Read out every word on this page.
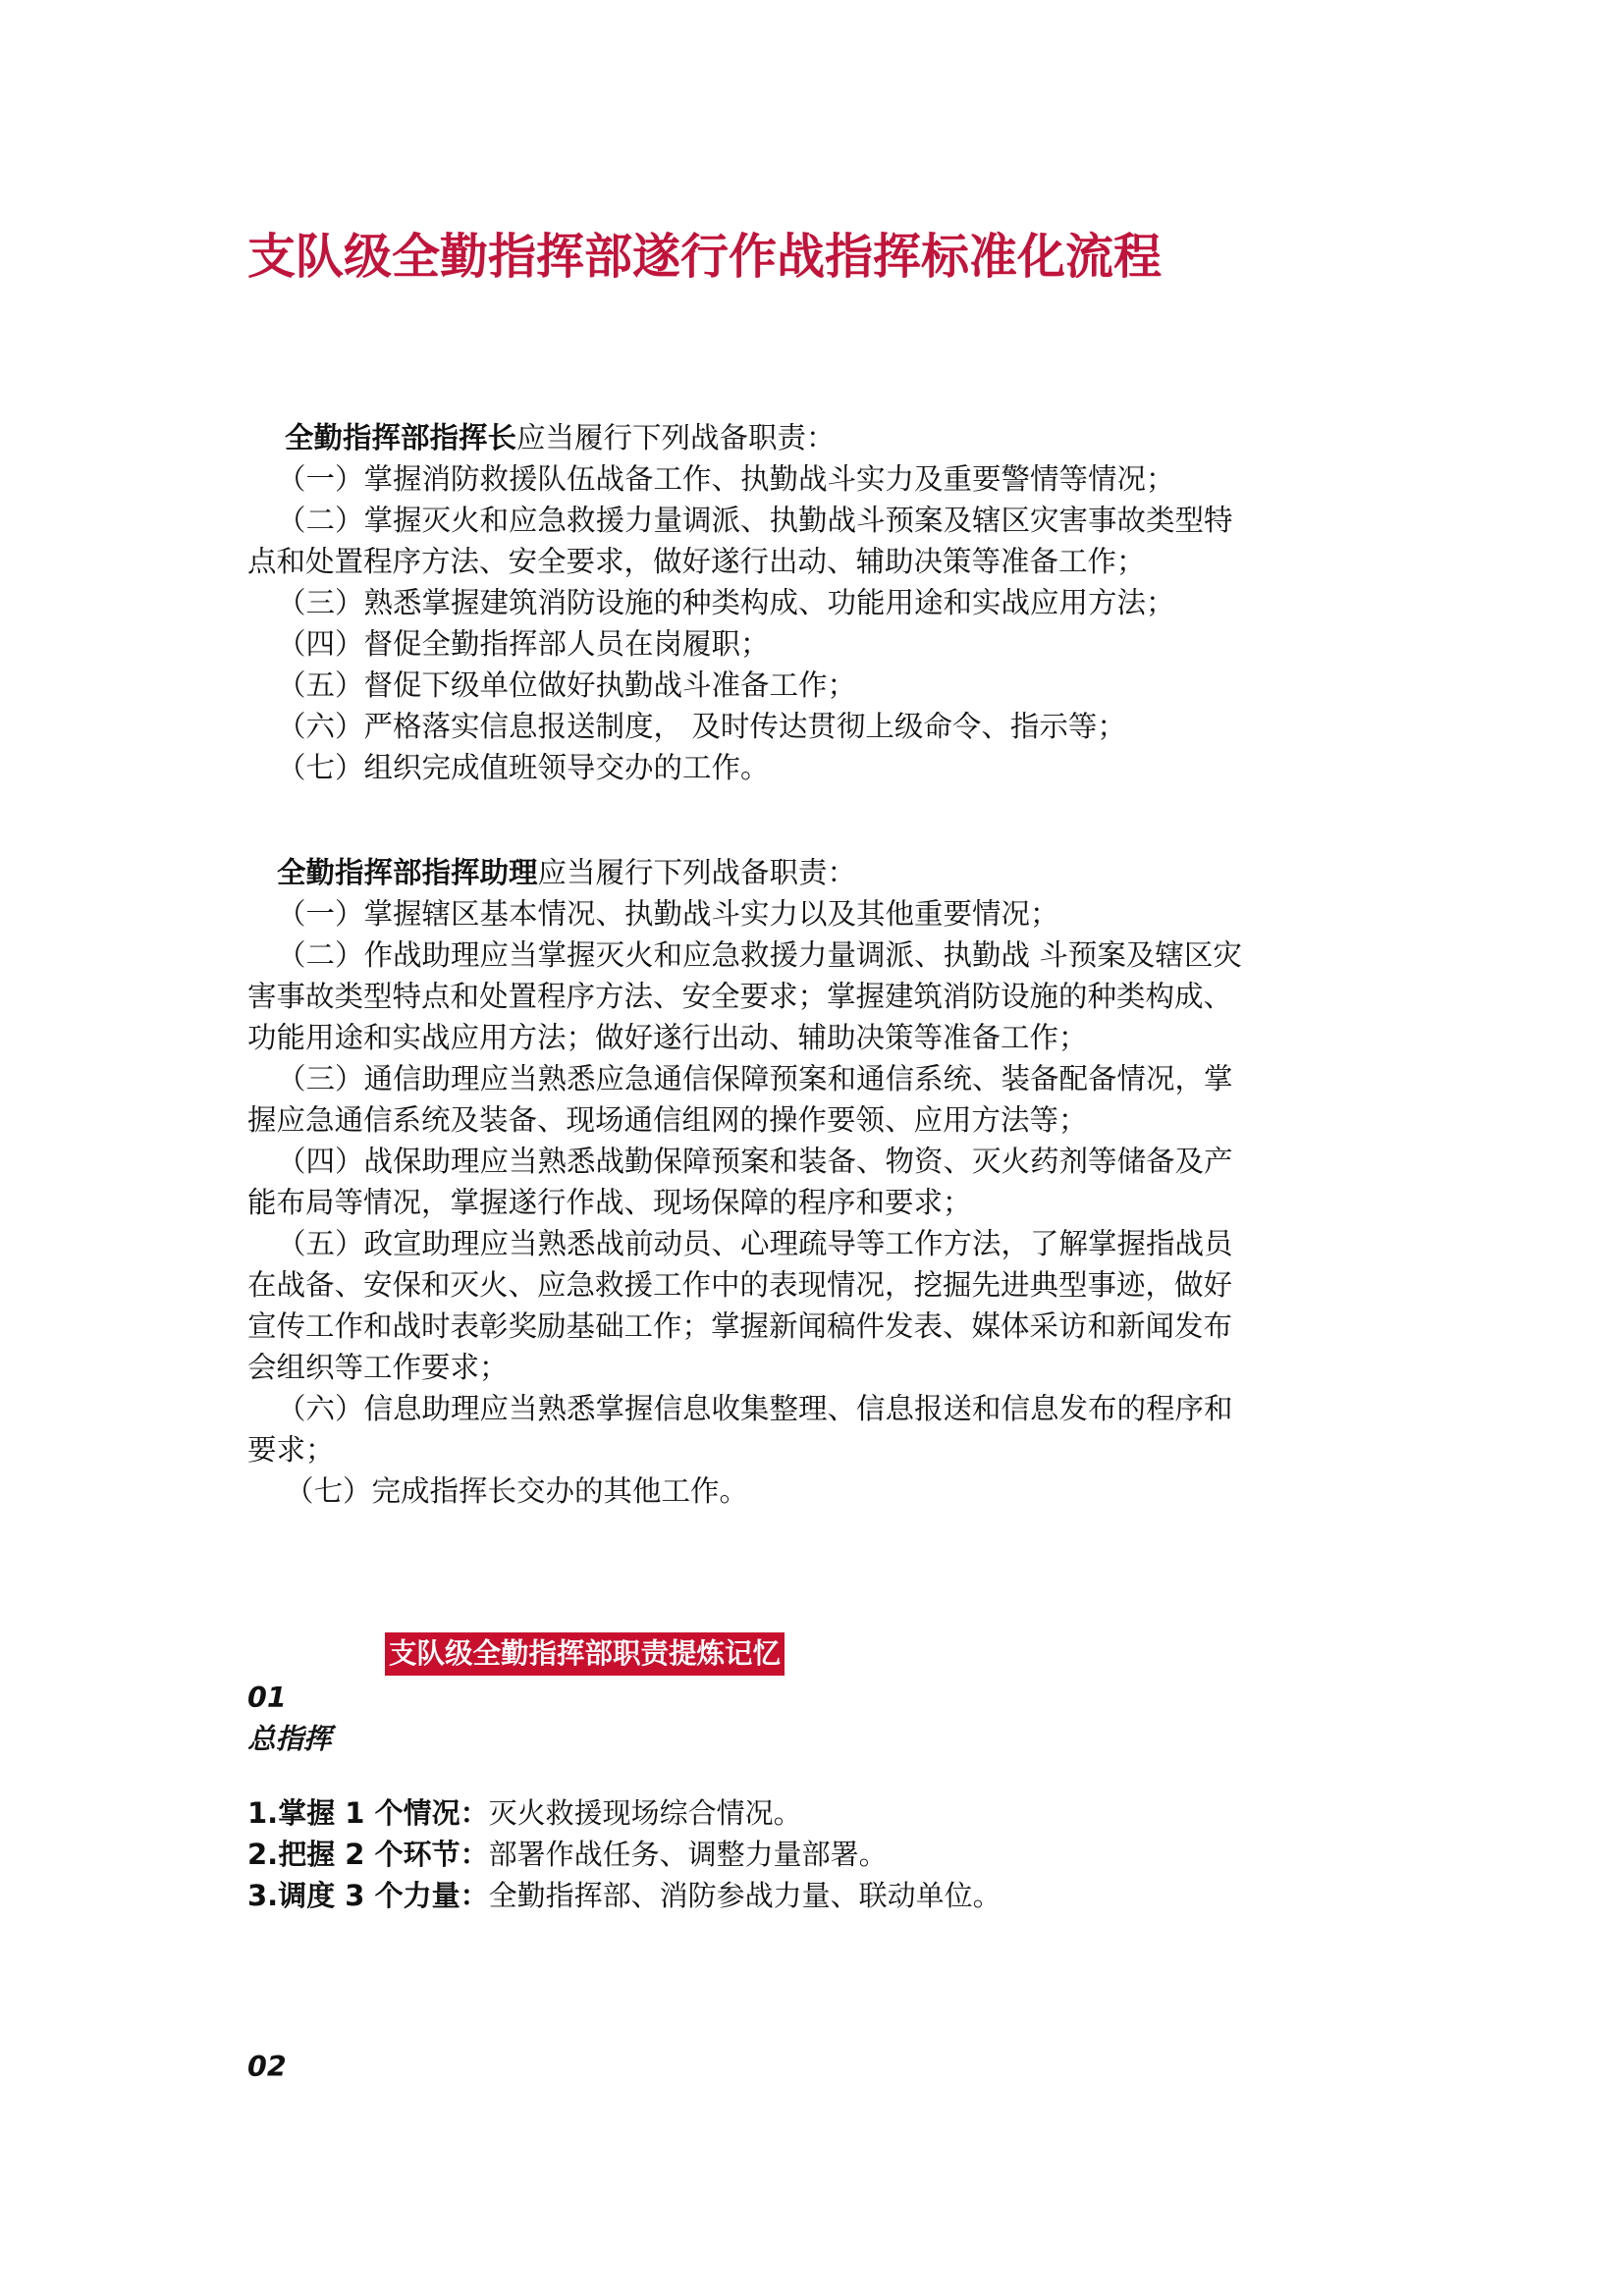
支队级全勤指挥部遂行作战指挥标准化流程
全勤指挥部指挥长应当履行下列战备职责：
（一）掌握消防救援队伍战备工作、执勤战斗实力及重要警情等情况；
（二）掌握灭火和应急救援力量调派、执勤战斗预案及辖区灾害事故类型特
点和处置程序方法、安全要求，做好遂行出动、辅助决策等准备工作；
（三）熟悉掌握建筑消防设施的种类构成、功能用途和实战应用方法；
（四）督促全勤指挥部人员在岗履职；
（五）督促下级单位做好执勤战斗准备工作；
（六）严格落实信息报送制度， 及时传达贯彻上级命令、指示等；
（七）组织完成值班领导交办的工作。
全勤指挥部指挥助理应当履行下列战备职责：
（一）掌握辖区基本情况、执勤战斗实力以及其他重要情况；
（二）作战助理应当掌握灭火和应急救援力量调派、执勤战 斗预案及辖区灾
害事故类型特点和处置程序方法、安全要求；掌握建筑消防设施的种类构成、
功能用途和实战应用方法；做好遂行出动、辅助决策等准备工作；
（三）通信助理应当熟悉应急通信保障预案和通信系统、装备配备情况，掌
握应急通信系统及装备、现场通信组网的操作要领、应用方法等；
（四）战保助理应当熟悉战勤保障预案和装备、物资、灭火药剂等储备及产
能布局等情况，掌握遂行作战、现场保障的程序和要求；
（五）政宣助理应当熟悉战前动员、心理疏导等工作方法，了解掌握指战员
在战备、安保和灭火、应急救援工作中的表现情况，挖掘先进典型事迹，做好
宣传工作和战时表彰奖励基础工作；掌握新闻稿件发表、媒体采访和新闻发布
会组织等工作要求；
（六）信息助理应当熟悉掌握信息收集整理、信息报送和信息发布的程序和
要求；
（七）完成指挥长交办的其他工作。
支队级全勤指挥部职责提炼记忆
01
总指挥
1.掌握 1 个情况：灭火救援现场综合情况。
2.把握 2 个环节：部署作战任务、调整力量部署。
3.调度 3 个力量：全勤指挥部、消防参战力量、联动单位。
02
